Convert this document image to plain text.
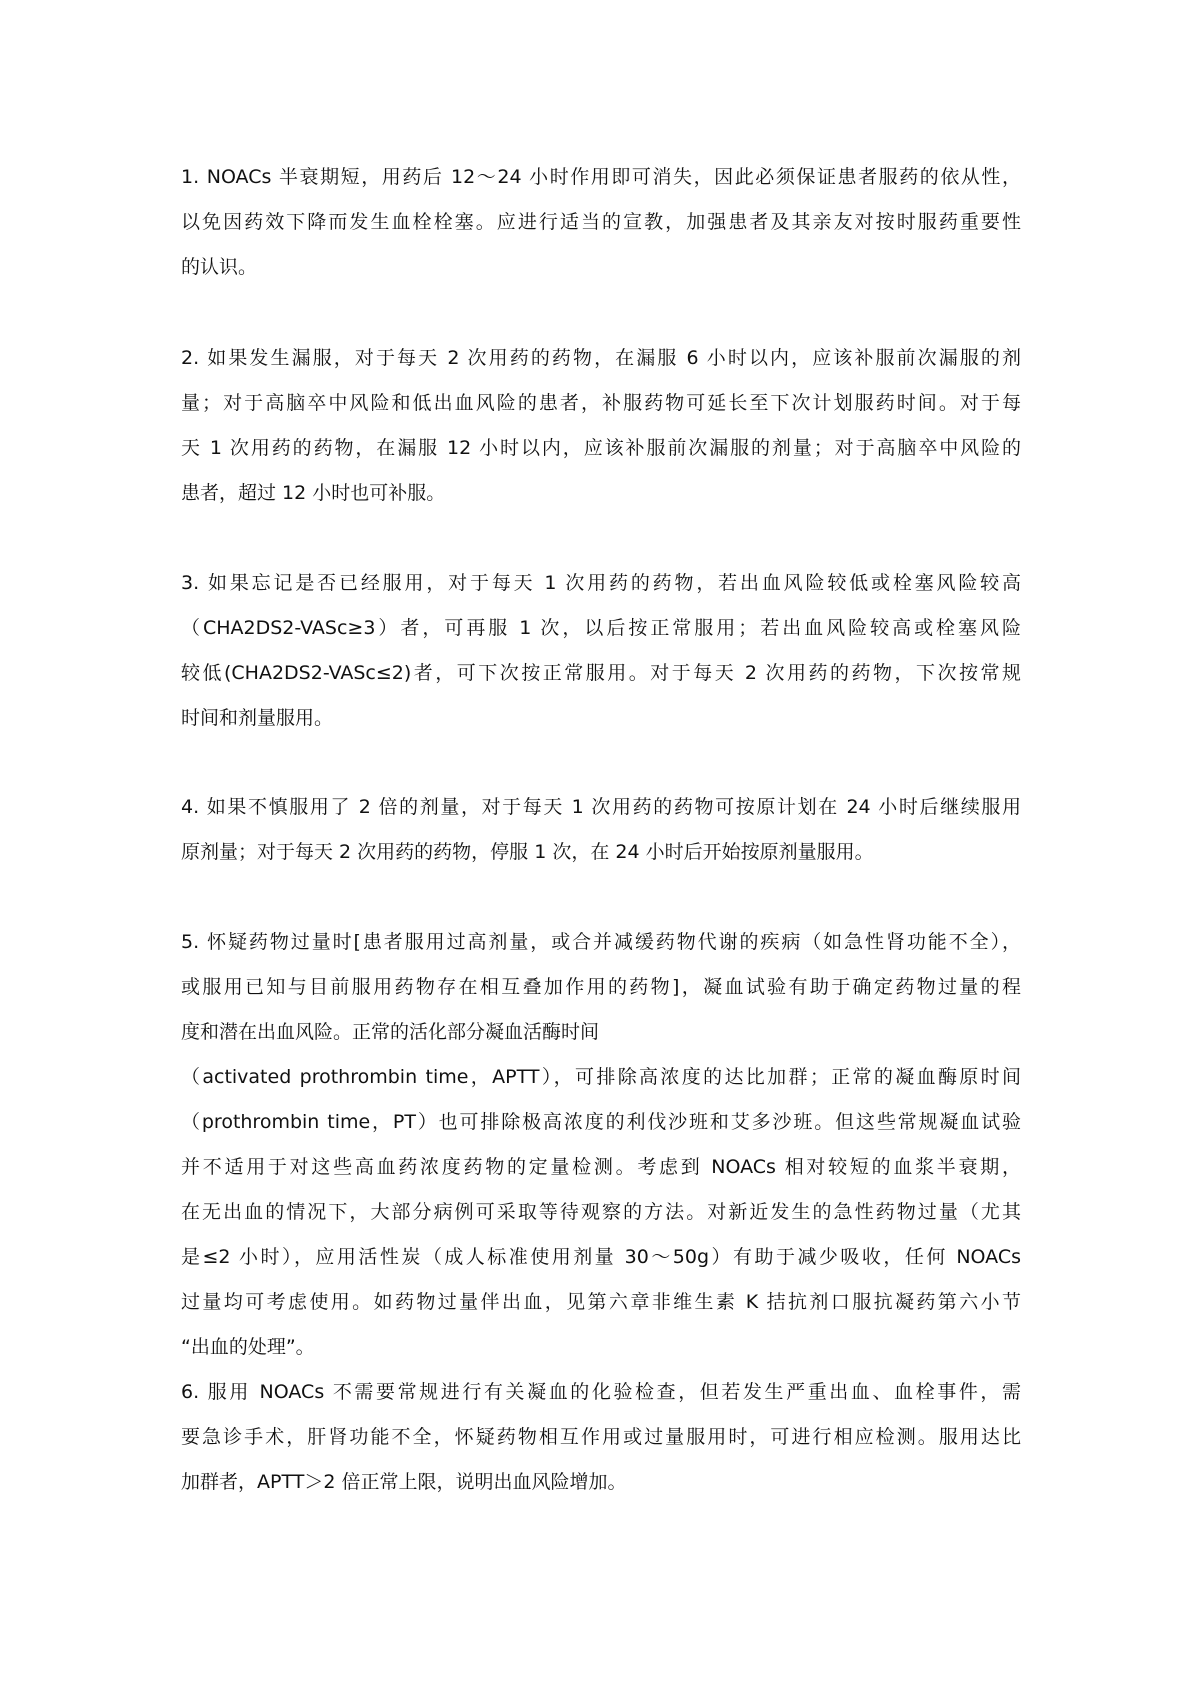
1. NOACs 半衰期短，用药后 12～24 小时作用即可消失，因此必须保证患者服药的依从性，
以免因药效下降而发生血栓栓塞。应进行适当的宣教，加强患者及其亲友对按时服药重要性
的认识。

2. 如果发生漏服，对于每天 2 次用药的药物，在漏服 6 小时以内，应该补服前次漏服的剂
量；对于高脑卒中风险和低出血风险的患者，补服药物可延长至下次计划服药时间。对于每
天 1 次用药的药物，在漏服 12 小时以内，应该补服前次漏服的剂量；对于高脑卒中风险的
患者，超过 12 小时也可补服。

3. 如果忘记是否已经服用，对于每天 1 次用药的药物，若出血风险较低或栓塞风险较高
（CHA2DS2-VASc≥3）者，可再服 1 次，以后按正常服用；若出血风险较高或栓塞风险
较低(CHA2DS2-VASc≤2)者，可下次按正常服用。对于每天 2 次用药的药物，下次按常规
时间和剂量服用。

4. 如果不慎服用了 2 倍的剂量，对于每天 1 次用药的药物可按原计划在 24 小时后继续服用
原剂量；对于每天 2 次用药的药物，停服 1 次，在 24 小时后开始按原剂量服用。

5. 怀疑药物过量时[患者服用过高剂量，或合并减缓药物代谢的疾病（如急性肾功能不全），
或服用已知与目前服用药物存在相互叠加作用的药物]，凝血试验有助于确定药物过量的程
度和潜在出血风险。正常的活化部分凝血活酶时间
（activated prothrombin time，APTT），可排除高浓度的达比加群；正常的凝血酶原时间
（prothrombin time，PT）也可排除极高浓度的利伐沙班和艾多沙班。但这些常规凝血试验
并不适用于对这些高血药浓度药物的定量检测。考虑到 NOACs 相对较短的血浆半衰期，
在无出血的情况下，大部分病例可采取等待观察的方法。对新近发生的急性药物过量（尤其
是≤2 小时），应用活性炭（成人标准使用剂量 30～50g）有助于减少吸收，任何 NOACs
过量均可考虑使用。如药物过量伴出血，见第六章非维生素 K 拮抗剂口服抗凝药第六小节
“出血的处理”。
6. 服用 NOACs 不需要常规进行有关凝血的化验检查，但若发生严重出血、血栓事件，需
要急诊手术，肝肾功能不全，怀疑药物相互作用或过量服用时，可进行相应检测。服用达比
加群者，APTT＞2 倍正常上限，说明出血风险增加。
